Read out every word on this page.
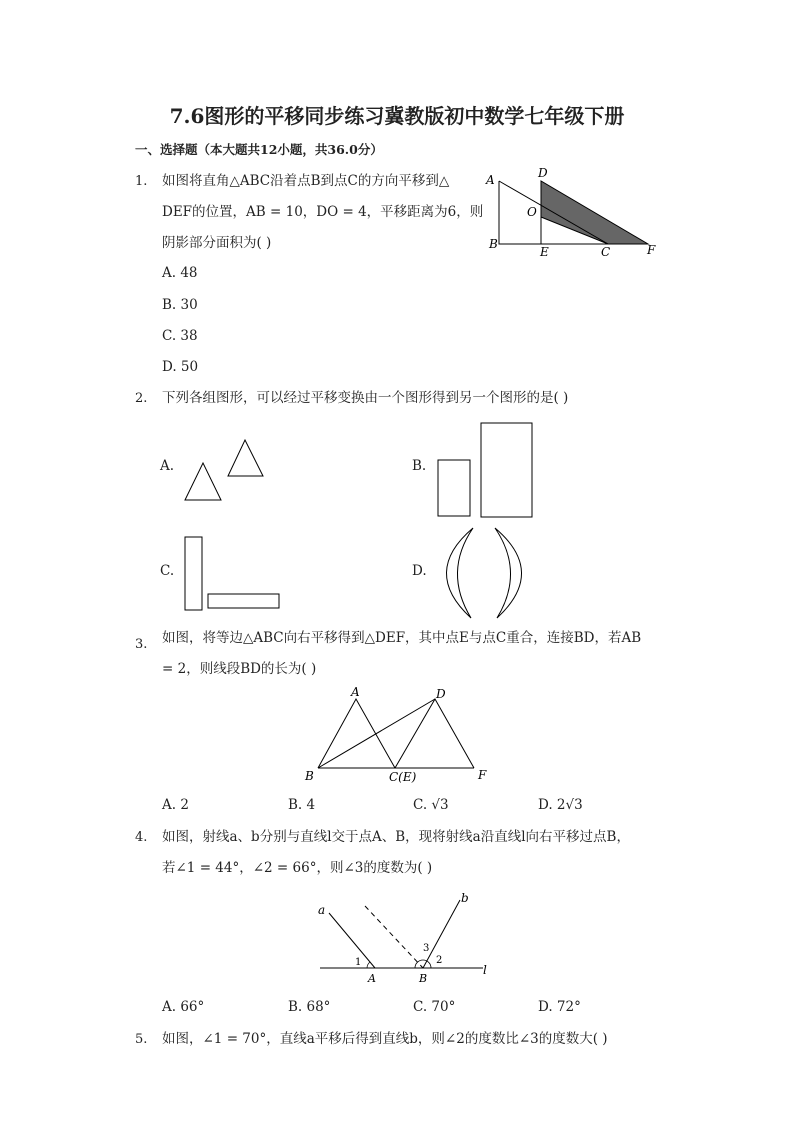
7.6图形的平移同步练习冀教版初中数学七年级下册
一、选择题（本大题共12小题，共36.0分）
1. 如图将直角△ABC沿着点B到点C的方向平移到△
DEF的位置，AB = 10，DO = 4，平移距离为6，则
阴影部分面积为( )
A. 48
B. 30
C. 38
D. 50
A
B
D
O
E	C	F
2. 下列各组图形，可以经过平移变换由一个图形得到另一个图形的是( )
A.	B.
C.	D.
3. 如图，将等边△ABC向右平移得到△DEF，其中点E与点C重合，连接BD，若AB
= 2，则线段BD的长为( )
A	D
B	C(E)	F
A. 2	B. 4	C. √3	D. 2√3
4. 如图，射线a、b分别与直线l交于点A、B，现将射线a沿直线l向右平移过点B，
若∠1 = 44°，∠2 = 66°，则∠3的度数为( )
a
b
l
A	B
1	2
3
A. 66°	B. 68°	C. 70°	D. 72°
5. 如图，∠1 = 70°，直线a平移后得到直线b，则∠2的度数比∠3的度数大( )
